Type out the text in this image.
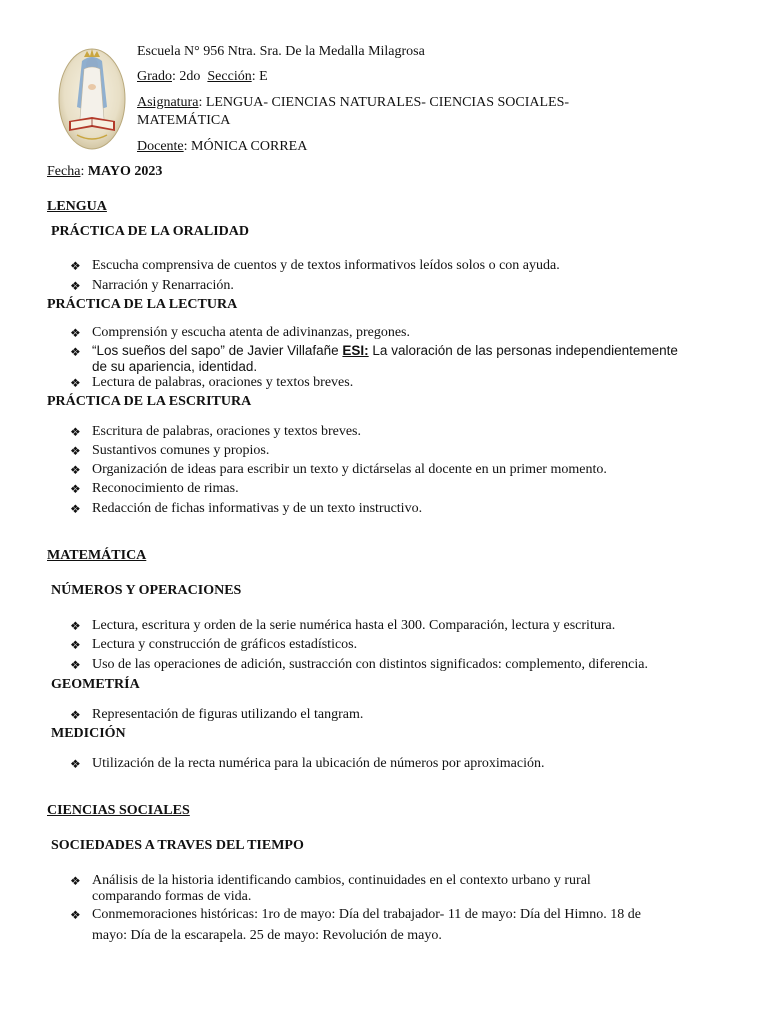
Escuela N° 956 Ntra. Sra. De la Medalla Milagrosa
Grado: 2do Sección: E
Asignatura: LENGUA- CIENCIAS NATURALES- CIENCIAS SOCIALES-
MATEMÁTICA
Docente: MÓNICA CORREA
Fecha: MAYO 2023
LENGUA
PRÁCTICA DE LA ORALIDAD
❖ Escucha comprensiva de cuentos y de textos informativos leídos solos o con ayuda.
❖ Narración y Renarración.
PRÁCTICA DE LA LECTURA
❖ Comprensión y escucha atenta de adivinanzas, pregones.
❖ “Los sueños del sapo” de Javier Villafañe ESI: La valoración de las personas independientemente
de su apariencia, identidad.
❖ Lectura de palabras, oraciones y textos breves.
PRÁCTICA DE LA ESCRITURA
❖ Escritura de palabras, oraciones y textos breves.
❖ Sustantivos comunes y propios.
❖ Organización de ideas para escribir un texto y dictárselas al docente en un primer momento.
❖ Reconocimiento de rimas.
❖ Redacción de fichas informativas y de un texto instructivo.
MATEMÁTICA
NÚMEROS Y OPERACIONES
❖ Lectura, escritura y orden de la serie numérica hasta el 300. Comparación, lectura y escritura.
❖ Lectura y construcción de gráficos estadísticos.
❖ Uso de las operaciones de adición, sustracción con distintos significados: complemento, diferencia.
GEOMETRÍA
❖ Representación de figuras utilizando el tangram.
MEDICIÓN
❖ Utilización de la recta numérica para la ubicación de números por aproximación.
CIENCIAS SOCIALES
SOCIEDADES A TRAVES DEL TIEMPO
❖ Análisis de la historia identificando cambios, continuidades en el contexto urbano y rural
comparando formas de vida.
❖ Conmemoraciones históricas: 1ro de mayo: Día del trabajador- 11 de mayo: Día del Himno. 18 de
mayo: Día de la escarapela. 25 de mayo: Revolución de mayo.
